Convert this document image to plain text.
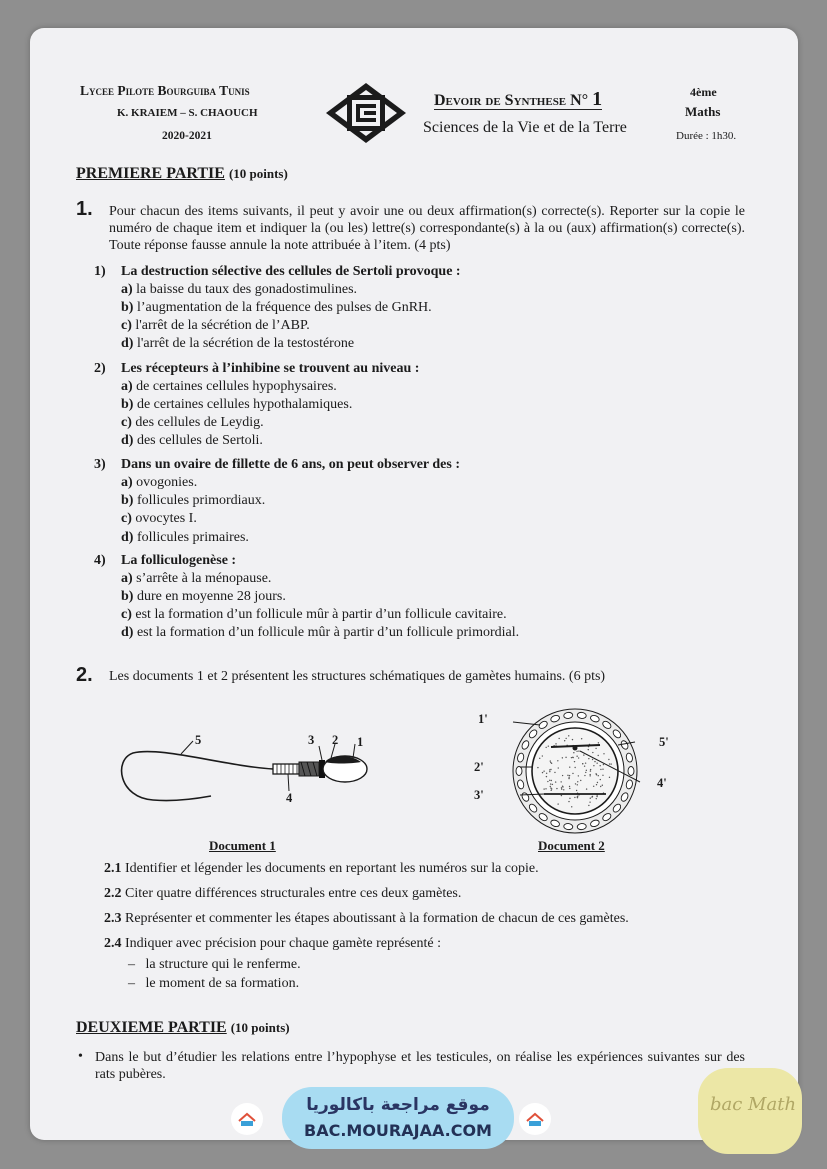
Lycee Pilote Bourguiba Tunis
K. KRAIEM – S. CHAOUCH
2020-2021
Devoir de Synthese N° 1
Sciences de la Vie et de la Terre
4ème
Maths
Durée : 1h30.
PREMIERE PARTIE (10 points)
1. Pour chacun des items suivants, il peut y avoir une ou deux affirmation(s) correcte(s). Reporter sur la copie le numéro de chaque item et indiquer la (ou les) lettre(s) correspondante(s) à la ou (aux) affirmation(s) correcte(s). Toute réponse fausse annule la note attribuée à l’item. (4 pts)
1) La destruction sélective des cellules de Sertoli provoque :
a) la baisse du taux des gonadostimulines.
b) l’augmentation de la fréquence des pulses de GnRH.
c) l'arrêt de la sécrétion de l’ABP.
d) l'arrêt de la sécrétion de la testostérone
2) Les récepteurs à l’inhibine se trouvent au niveau :
a) de certaines cellules hypophysaires.
b) de certaines cellules hypothalamiques.
c) des cellules de Leydig.
d) des cellules de Sertoli.
3) Dans un ovaire de fillette de 6 ans, on peut observer des :
a) ovogonies.
b) follicules primordiaux.
c) ovocytes I.
d) follicules primaires.
4) La folliculogenèse :
a) s’arrête à la ménopause.
b) dure en moyenne 28 jours.
c) est la formation d’un follicule mûr à partir d’un follicule cavitaire.
d) est la formation d’un follicule mûr à partir d’un follicule primordial.
2. Les documents 1 et 2 présentent les structures schématiques de gamètes humains. (6 pts)
5	3 2 1
4
Document 1
1'
2'
3'
4'
5'
Document 2
2.1 Identifier et légender les documents en reportant les numéros sur la copie.
2.2 Citer quatre différences structurales entre ces deux gamètes.
2.3 Représenter et commenter les étapes aboutissant à la formation de chacun de ces gamètes.
2.4 Indiquer avec précision pour chaque gamète représenté :
– la structure qui le renferme.
– le moment de sa formation.
DEUXIEME PARTIE (10 points)
• Dans le but d’étudier les relations entre l’hypophyse et les testicules, on réalise les expériences suivantes sur des rats pubères.
موقع مراجعة باكالوريا
BAC.MOURAJAA.COM
bac Math
